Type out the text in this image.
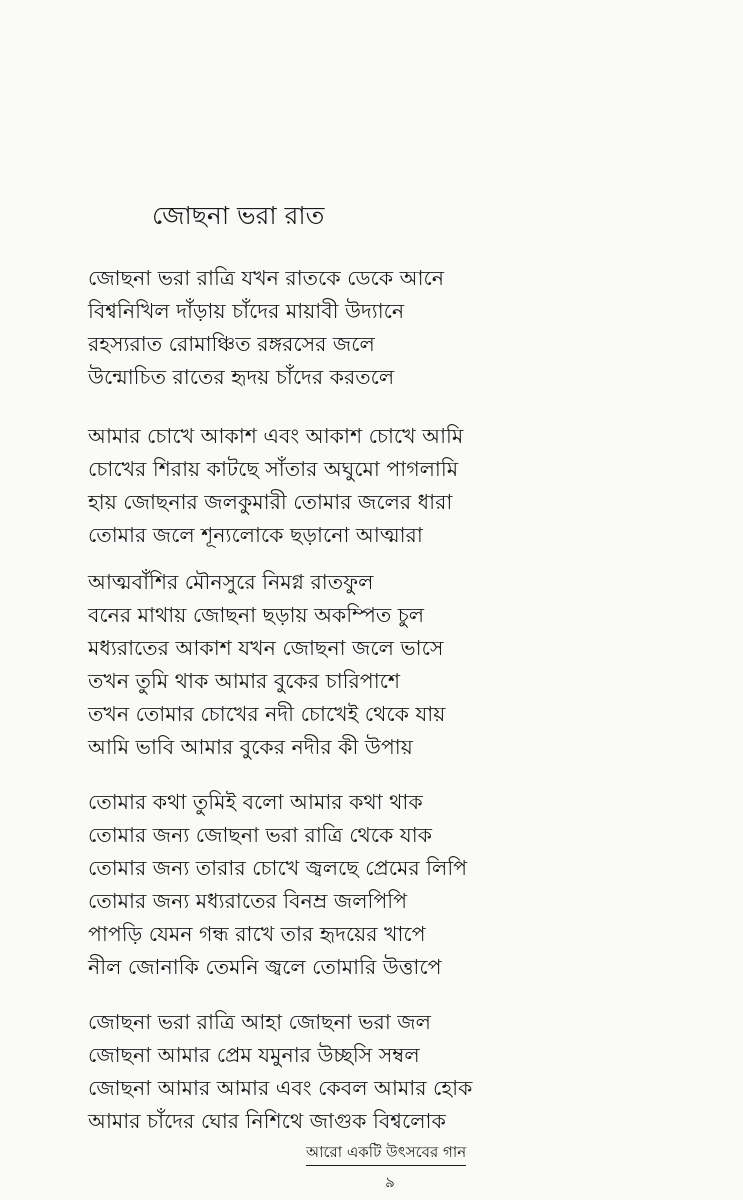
জোছনা ভরা রাত
জোছনা ভরা রাত্রি যখন রাতকে ডেকে আনে
বিশ্বনিখিল দাঁড়ায় চাঁদের মায়াবী উদ্যানে
রহস্যরাত রোমাঞ্চিত রঙ্গরসের জলে
উন্মোচিত রাতের হৃদয় চাঁদের করতলে
আমার চোখে আকাশ এবং আকাশ চোখে আমি
চোখের শিরায় কাটছে সাঁতার অঘুমো পাগলামি
হায় জোছনার জলকুমারী তোমার জলের ধারা
তোমার জলে শূন্যলোকে ছড়ানো আত্মারা
আত্মবাঁশির মৌনসুরে নিমগ্ন রাতফুল
বনের মাথায় জোছনা ছড়ায় অকম্পিত চুল
মধ্যরাতের আকাশ যখন জোছনা জলে ভাসে
তখন তুমি থাক আমার বুকের চারিপাশে
তখন তোমার চোখের নদী চোখেই থেকে যায়
আমি ভাবি আমার বুকের নদীর কী উপায়
তোমার কথা তুমিই বলো আমার কথা থাক
তোমার জন্য জোছনা ভরা রাত্রি থেকে যাক
তোমার জন্য তারার চোখে জ্বলছে প্রেমের লিপি
তোমার জন্য মধ্যরাতের বিনম্র জলপিপি
পাপড়ি যেমন গন্ধ রাখে তার হৃদয়ের খাপে
নীল জোনাকি তেমনি জ্বলে তোমারি উত্তাপে
জোছনা ভরা রাত্রি আহা জোছনা ভরা জল
জোছনা আমার প্রেম যমুনার উচ্ছসি সম্বল
জোছনা আমার আমার এবং কেবল আমার হোক
আমার চাঁদের ঘোর নিশিথে জাগুক বিশ্বলোক
আরো একটি উৎসবের গান
৯
